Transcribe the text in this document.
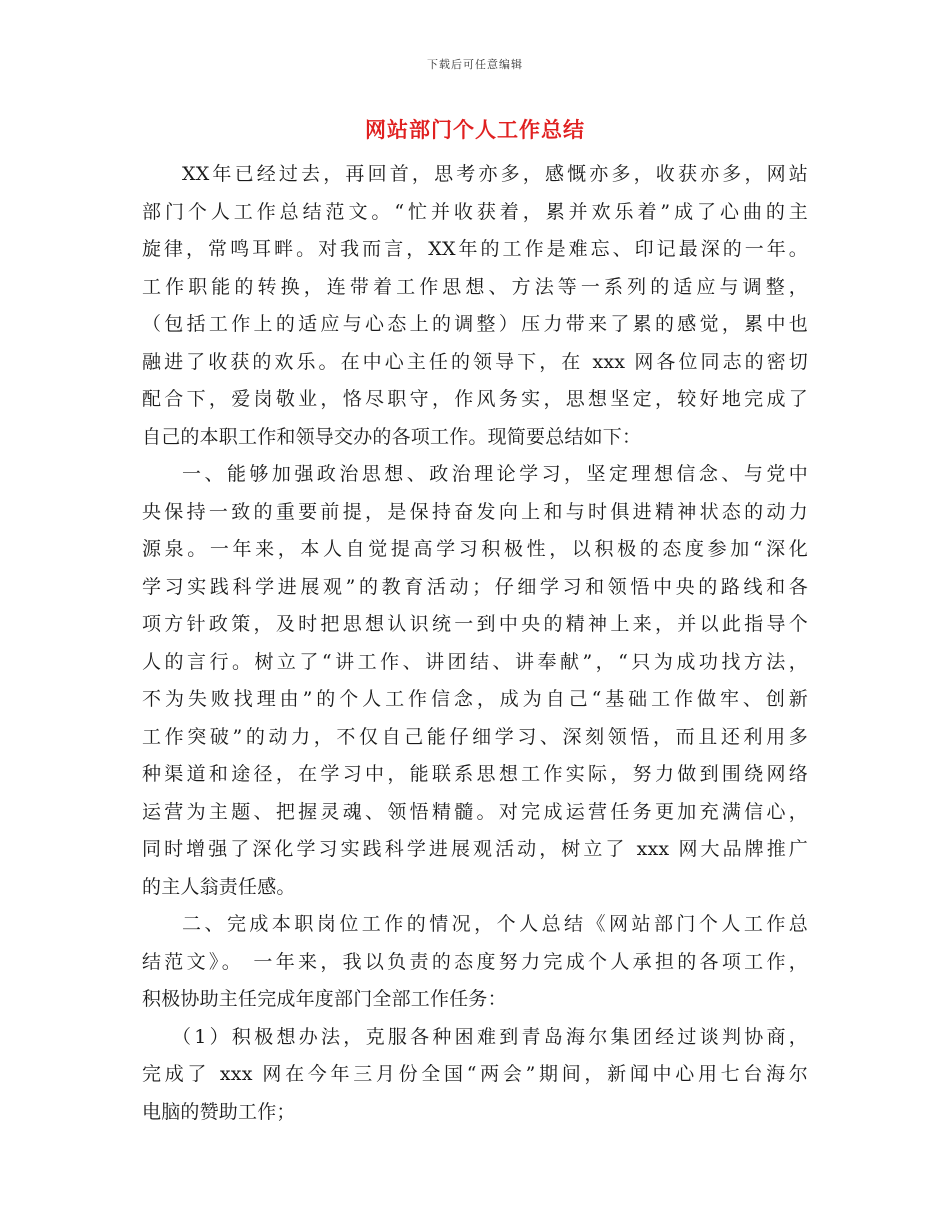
下载后可任意编辑
网站部门个人工作总结
XX年已经过去，再回首，思考亦多，感慨亦多，收获亦多，网站
部门个人工作总结范文。“忙并收获着，累并欢乐着”成了心曲的主
旋律，常鸣耳畔。对我而言，XX年的工作是难忘、印记最深的一年。
工作职能的转换，连带着工作思想、方法等一系列的适应与调整，
（包括工作上的适应与心态上的调整）压力带来了累的感觉，累中也
融进了收获的欢乐。在中心主任的领导下，在 xxx 网各位同志的密切
配合下，爱岗敬业，恪尽职守，作风务实，思想坚定，较好地完成了
自己的本职工作和领导交办的各项工作。现简要总结如下：
一、能够加强政治思想、政治理论学习，坚定理想信念、与党中
央保持一致的重要前提，是保持奋发向上和与时俱进精神状态的动力
源泉。一年来，本人自觉提高学习积极性，以积极的态度参加“深化
学习实践科学进展观”的教育活动；仔细学习和领悟中央的路线和各
项方针政策，及时把思想认识统一到中央的精神上来，并以此指导个
人的言行。树立了“讲工作、讲团结、讲奉献”，“只为成功找方法，
不为失败找理由”的个人工作信念，成为自己“基础工作做牢、创新
工作突破”的动力，不仅自己能仔细学习、深刻领悟，而且还利用多
种渠道和途径，在学习中，能联系思想工作实际，努力做到围绕网络
运营为主题、把握灵魂、领悟精髓。对完成运营任务更加充满信心，
同时增强了深化学习实践科学进展观活动，树立了 xxx 网大品牌推广
的主人翁责任感。
二、完成本职岗位工作的情况，个人总结《网站部门个人工作总
结范文》。 一年来，我以负责的态度努力完成个人承担的各项工作，
积极协助主任完成年度部门全部工作任务：
（1）积极想办法，克服各种困难到青岛海尔集团经过谈判协商，
完成了 xxx 网在今年三月份全国“两会”期间，新闻中心用七台海尔
电脑的赞助工作；
